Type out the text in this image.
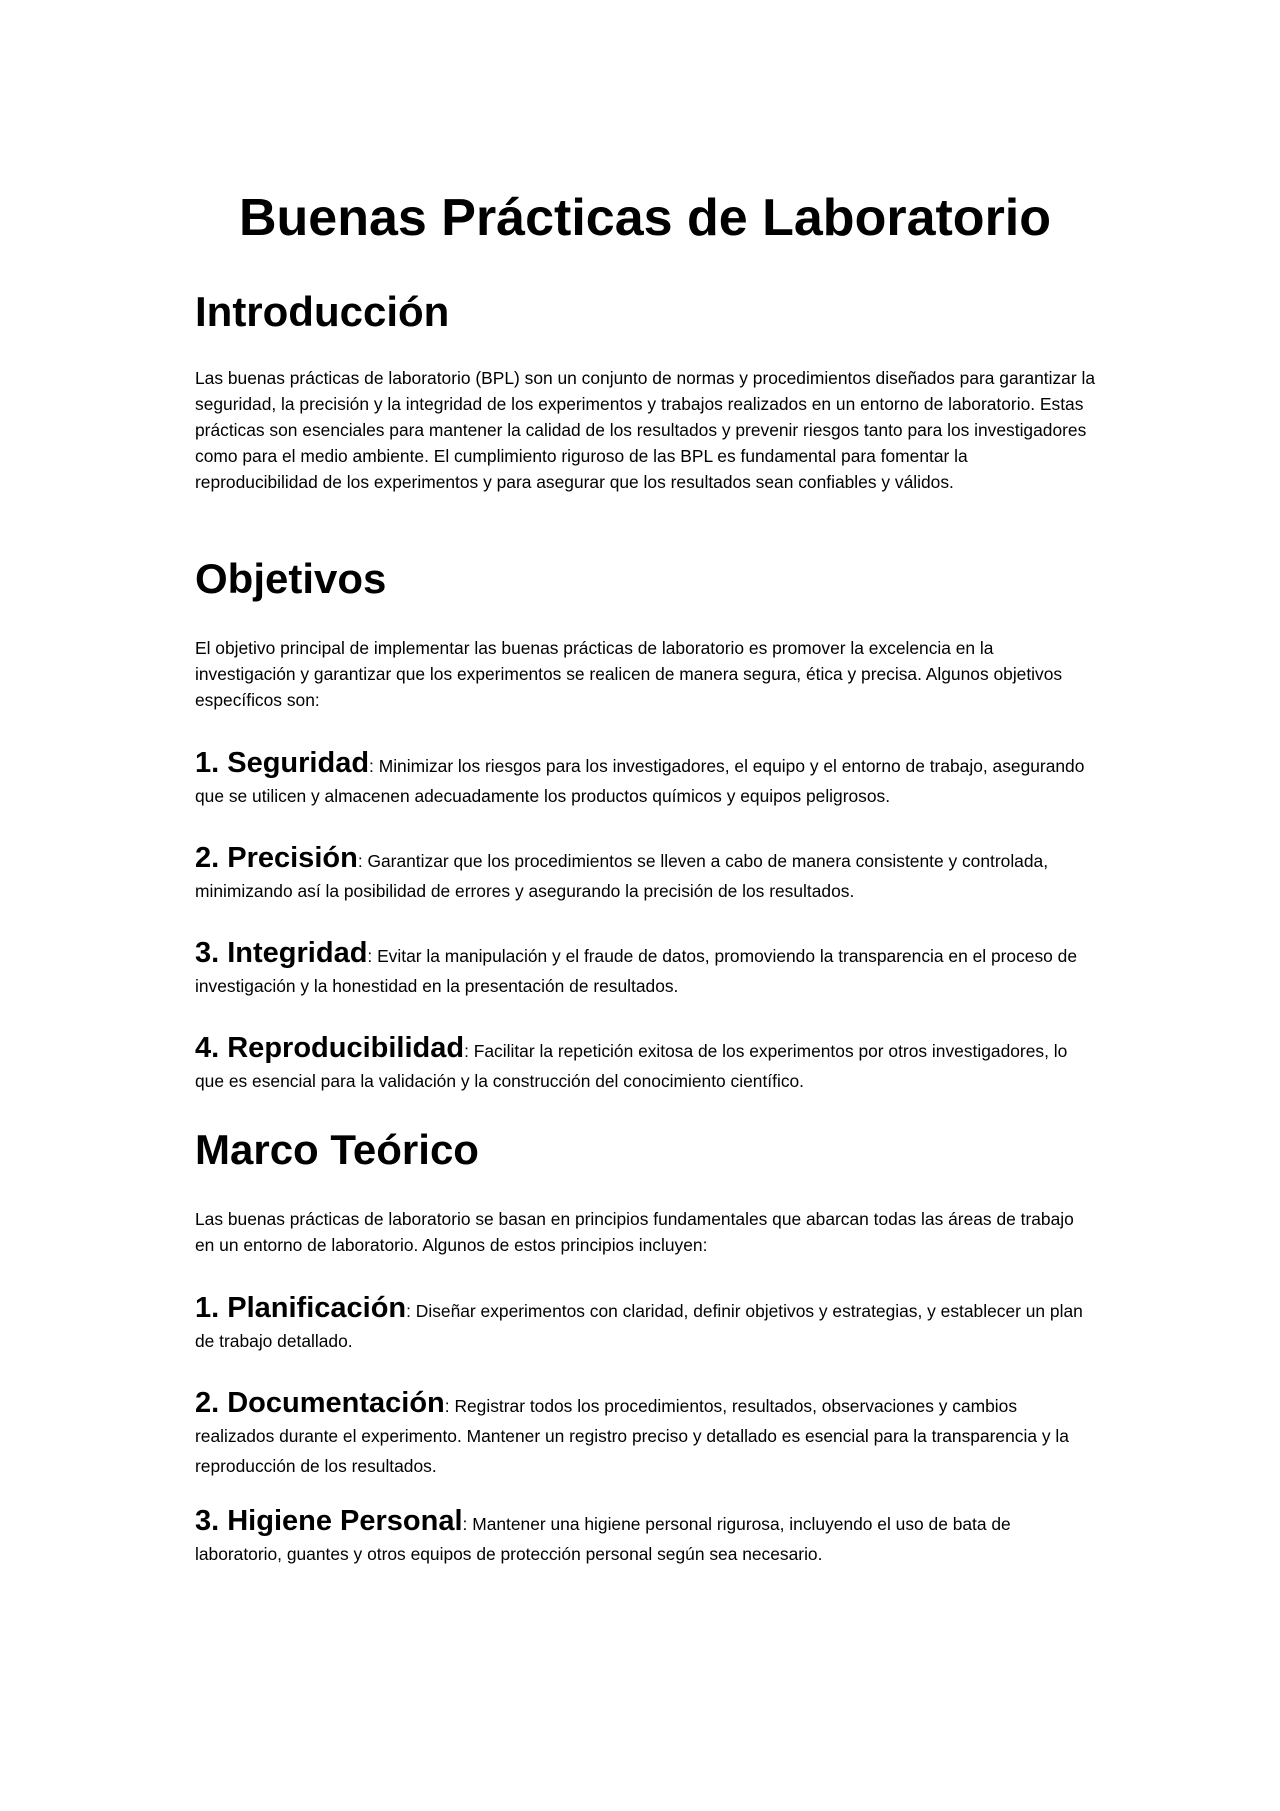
Buenas Prácticas de Laboratorio
Introducción

Las buenas prácticas de laboratorio (BPL) son un conjunto de normas y procedimientos diseñados para garantizar la seguridad, la precisión y la integridad de los experimentos y trabajos realizados en un entorno de laboratorio. Estas prácticas son esenciales para mantener la calidad de los resultados y prevenir riesgos tanto para los investigadores como para el medio ambiente. El cumplimiento riguroso de las BPL es fundamental para fomentar la reproducibilidad de los experimentos y para asegurar que los resultados sean confiables y válidos.

Objetivos

El objetivo principal de implementar las buenas prácticas de laboratorio es promover la excelencia en la investigación y garantizar que los experimentos se realicen de manera segura, ética y precisa. Algunos objetivos específicos son:

1. Seguridad: Minimizar los riesgos para los investigadores, el equipo y el entorno de trabajo, asegurando que se utilicen y almacenen adecuadamente los productos químicos y equipos peligrosos.

2. Precisión: Garantizar que los procedimientos se lleven a cabo de manera consistente y controlada, minimizando así la posibilidad de errores y asegurando la precisión de los resultados.

3. Integridad: Evitar la manipulación y el fraude de datos, promoviendo la transparencia en el proceso de investigación y la honestidad en la presentación de resultados.

4. Reproducibilidad: Facilitar la repetición exitosa de los experimentos por otros investigadores, lo que es esencial para la validación y la construcción del conocimiento científico.

Marco Teórico

Las buenas prácticas de laboratorio se basan en principios fundamentales que abarcan todas las áreas de trabajo en un entorno de laboratorio. Algunos de estos principios incluyen:

1. Planificación: Diseñar experimentos con claridad, definir objetivos y estrategias, y establecer un plan de trabajo detallado.

2. Documentación: Registrar todos los procedimientos, resultados, observaciones y cambios realizados durante el experimento. Mantener un registro preciso y detallado es esencial para la transparencia y la reproducción de los resultados.

3. Higiene Personal: Mantener una higiene personal rigurosa, incluyendo el uso de bata de laboratorio, guantes y otros equipos de protección personal según sea necesario.
